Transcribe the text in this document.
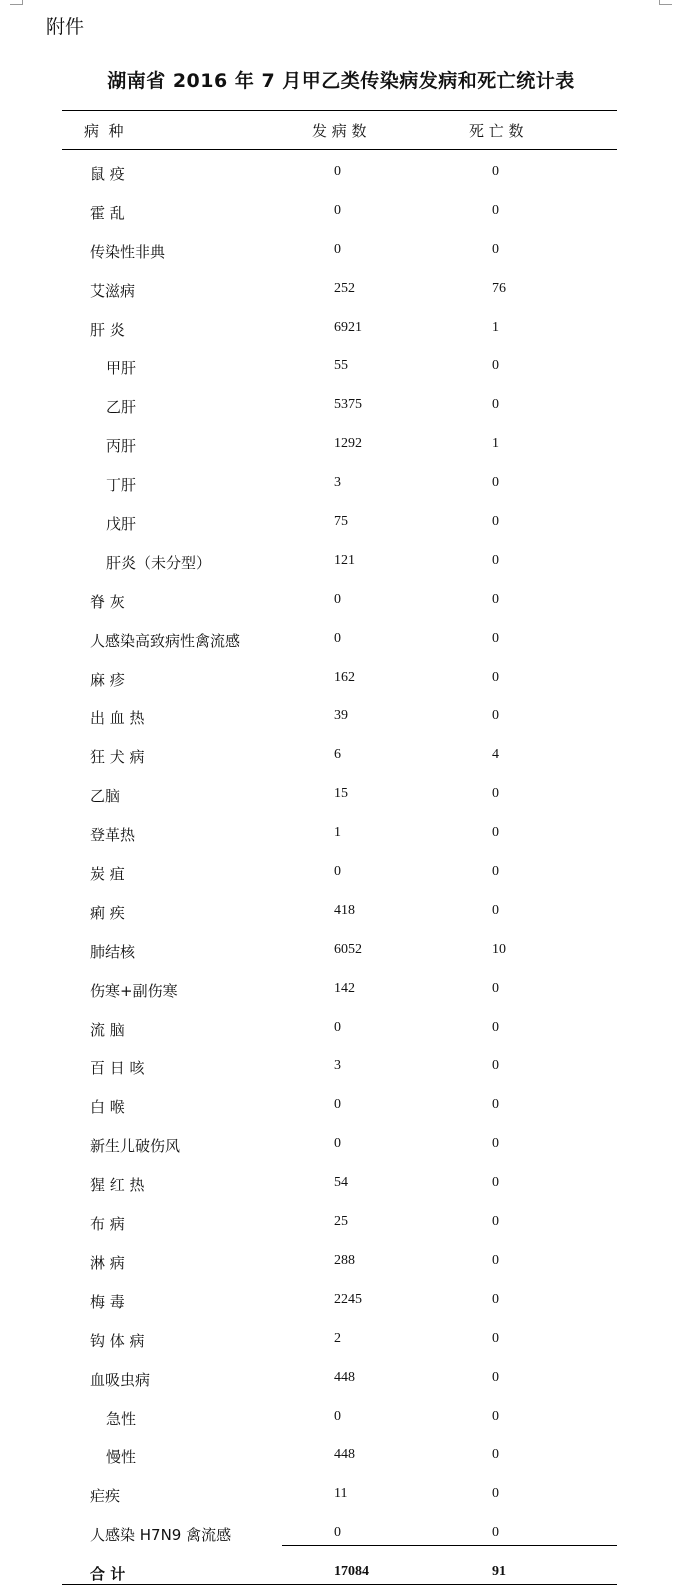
附件
湖南省 2016 年 7 月甲乙类传染病发病和死亡统计表
病  种	发 病 数	死 亡 数
鼠 疫	0	0
霍 乱	0	0
传染性非典	0	0
艾滋病	252	76
肝 炎	6921	1
甲肝	55	0
乙肝	5375	0
丙肝	1292	1
丁肝	3	0
戊肝	75	0
肝炎（未分型）	121	0
脊 灰	0	0
人感染高致病性禽流感	0	0
麻 疹	162	0
出 血 热	39	0
狂 犬 病	6	4
乙脑	15	0
登革热	1	0
炭 疽	0	0
痢 疾	418	0
肺结核	6052	10
伤寒+副伤寒	142	0
流 脑	0	0
百 日 咳	3	0
白 喉	0	0
新生儿破伤风	0	0
猩 红 热	54	0
布 病	25	0
淋 病	288	0
梅 毒	2245	0
钩 体 病	2	0
血吸虫病	448	0
急性	0	0
慢性	448	0
疟疾	11	0
人感染 H7N9 禽流感	0	0
合 计	17084	91
